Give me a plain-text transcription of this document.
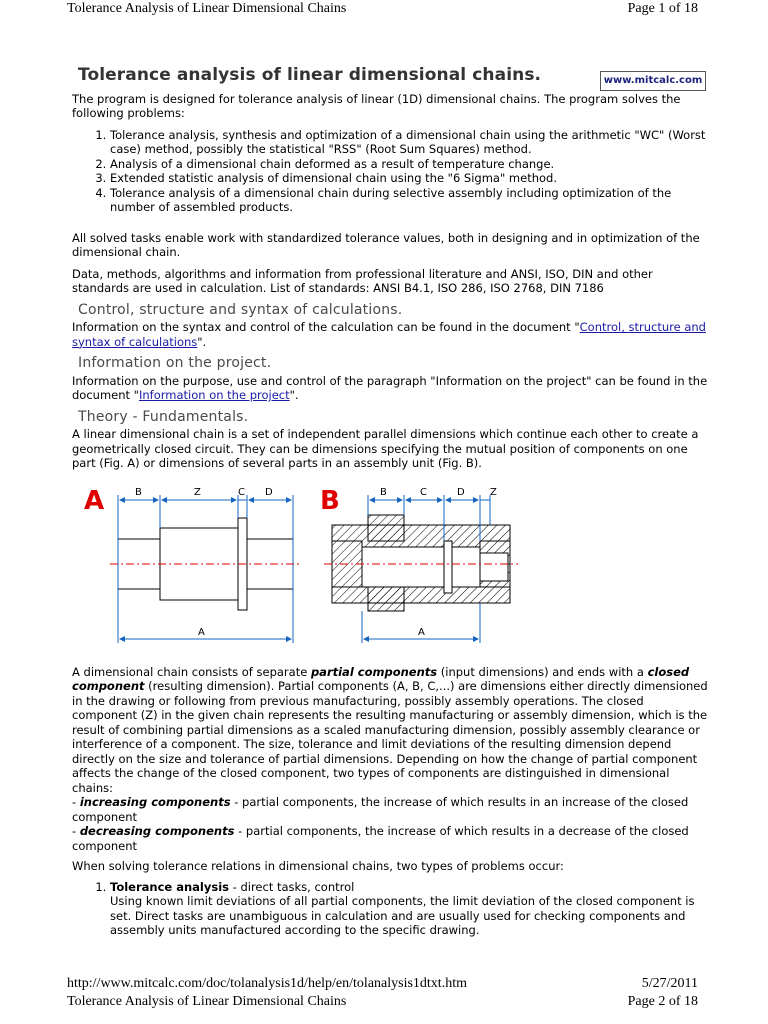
Tolerance Analysis of Linear Dimensional Chains	Page 1 of 18
Tolerance analysis of linear dimensional chains.	www.mitcalc.com

The program is designed for tolerance analysis of linear (1D) dimensional chains. The program solves the following problems:

1. Tolerance analysis, synthesis and optimization of a dimensional chain using the arithmetic "WC" (Worst case) method, possibly the statistical "RSS" (Root Sum Squares) method.
2. Analysis of a dimensional chain deformed as a result of temperature change.
3. Extended statistic analysis of dimensional chain using the "6 Sigma" method.
4. Tolerance analysis of a dimensional chain during selective assembly including optimization of the number of assembled products.

All solved tasks enable work with standardized tolerance values, both in designing and in optimization of the dimensional chain.

Data, methods, algorithms and information from professional literature and ANSI, ISO, DIN and other standards are used in calculation. List of standards: ANSI B4.1, ISO 286, ISO 2768, DIN 7186

Control, structure and syntax of calculations.

Information on the syntax and control of the calculation can be found in the document "Control, structure and syntax of calculations".

Information on the project.

Information on the purpose, use and control of the paragraph "Information on the project" can be found in the document "Information on the project".

Theory - Fundamentals.

A linear dimensional chain is a set of independent parallel dimensions which continue each other to create a geometrically closed circuit. They can be dimensions specifying the mutual position of components on one part (Fig. A) or dimensions of several parts in an assembly unit (Fig. B).

A	B	Z	C D
A
B	B	C	D	Z
A

A dimensional chain consists of separate partial components (input dimensions) and ends with a closed component (resulting dimension). Partial components (A, B, C,...) are dimensions either directly dimensioned in the drawing or following from previous manufacturing, possibly assembly operations. The closed component (Z) in the given chain represents the resulting manufacturing or assembly dimension, which is the result of combining partial dimensions as a scaled manufacturing dimension, possibly assembly clearance or interference of a component. The size, tolerance and limit deviations of the resulting dimension depend directly on the size and tolerance of partial dimensions. Depending on how the change of partial component affects the change of the closed component, two types of components are distinguished in dimensional chains:
- increasing components - partial components, the increase of which results in an increase of the closed component
- decreasing components - partial components, the increase of which results in a decrease of the closed component

When solving tolerance relations in dimensional chains, two types of problems occur:

1. Tolerance analysis - direct tasks, control
Using known limit deviations of all partial components, the limit deviation of the closed component is set. Direct tasks are unambiguous in calculation and are usually used for checking components and assembly units manufactured according to the specific drawing.
http://www.mitcalc.com/doc/tolanalysis1d/help/en/tolanalysis1dtxt.htm	5/27/2011
Tolerance Analysis of Linear Dimensional Chains	Page 2 of 18
